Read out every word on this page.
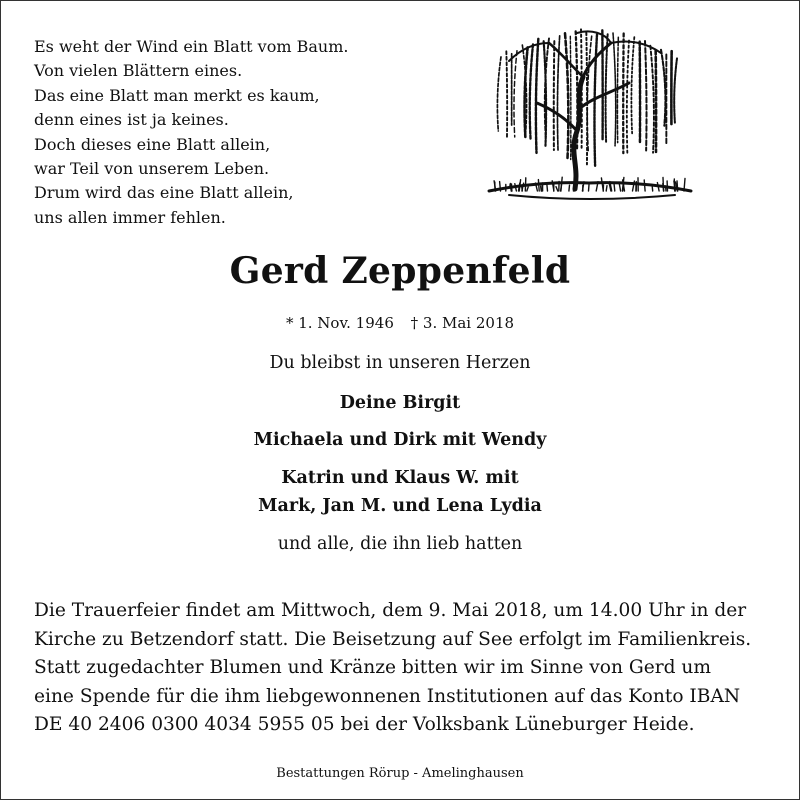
Es weht der Wind ein Blatt vom Baum.
Von vielen Blättern eines.
Das eine Blatt man merkt es kaum,
denn eines ist ja keines.
Doch dieses eine Blatt allein,
war Teil von unserem Leben.
Drum wird das eine Blatt allein,
uns allen immer fehlen.
Gerd Zeppenfeld
* 1. Nov. 1946 † 3. Mai 2018
Du bleibst in unseren Herzen
Deine Birgit
Michaela und Dirk mit Wendy
Katrin und Klaus W. mit
Mark, Jan M. und Lena Lydia
und alle, die ihn lieb hatten
Die Trauerfeier findet am Mittwoch, dem 9. Mai 2018, um 14.00 Uhr in der
Kirche zu Betzendorf statt. Die Beisetzung auf See erfolgt im Familienkreis.
Statt zugedachter Blumen und Kränze bitten wir im Sinne von Gerd um
eine Spende für die ihm liebgewonnenen Institutionen auf das Konto IBAN
DE 40 2406 0300 4034 5955 05 bei der Volksbank Lüneburger Heide.
Bestattungen Rörup - Amelinghausen
